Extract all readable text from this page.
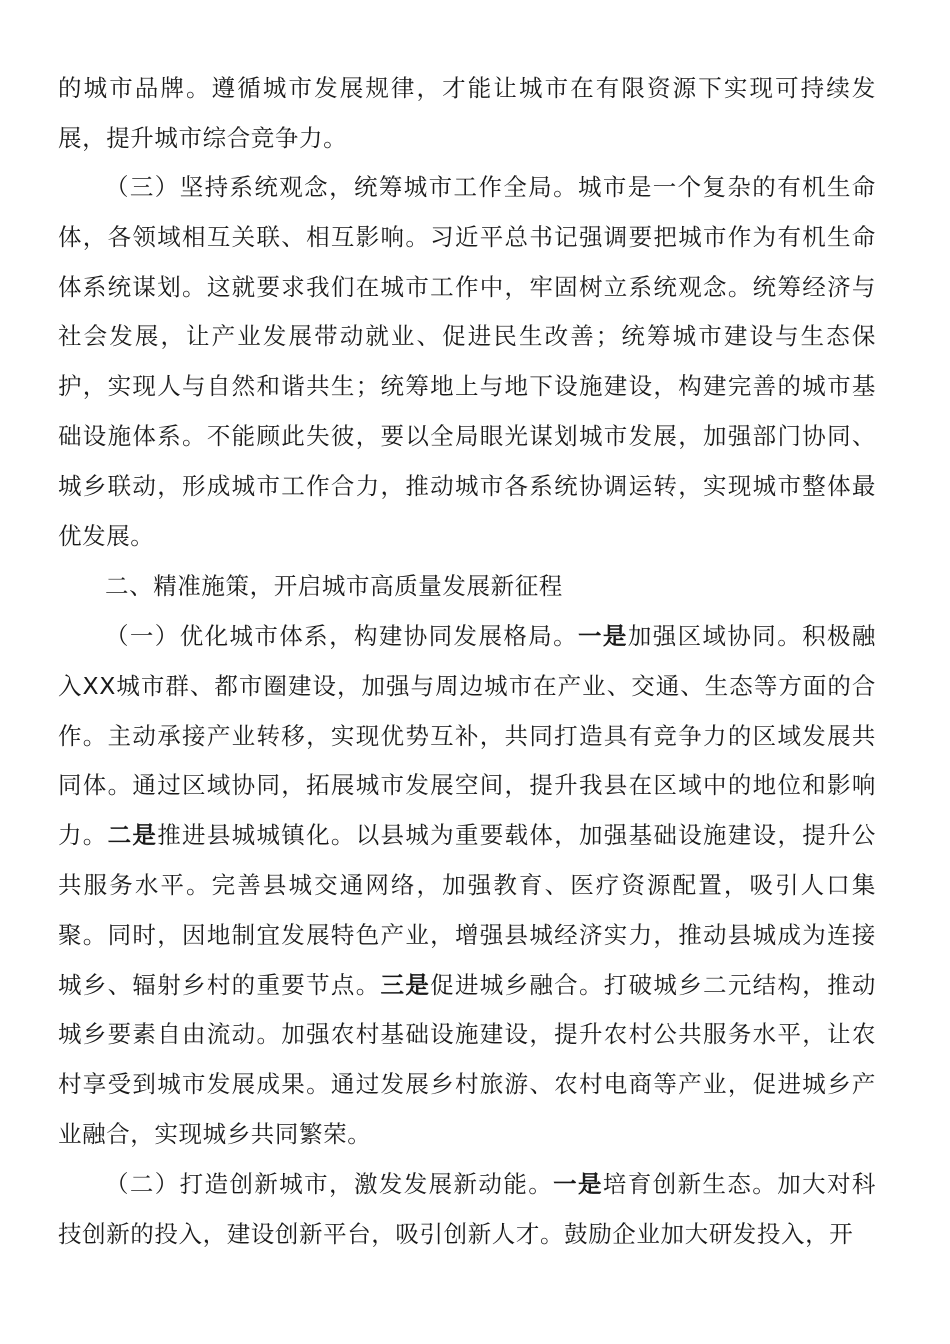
的城市品牌。遵循城市发展规律，才能让城市在有限资源下实现可持续发展，提升城市综合竞争力。

（三）坚持系统观念，统筹城市工作全局。城市是一个复杂的有机生命体，各领域相互关联、相互影响。习近平总书记强调要把城市作为有机生命体系统谋划。这就要求我们在城市工作中，牢固树立系统观念。统筹经济与社会发展，让产业发展带动就业、促进民生改善；统筹城市建设与生态保护，实现人与自然和谐共生；统筹地上与地下设施建设，构建完善的城市基础设施体系。不能顾此失彼，要以全局眼光谋划城市发展，加强部门协同、城乡联动，形成城市工作合力，推动城市各系统协调运转，实现城市整体最优发展。

二、精准施策，开启城市高质量发展新征程

（一）优化城市体系，构建协同发展格局。一是加强区域协同。积极融入XX城市群、都市圈建设，加强与周边城市在产业、交通、生态等方面的合作。主动承接产业转移，实现优势互补，共同打造具有竞争力的区域发展共同体。通过区域协同，拓展城市发展空间，提升我县在区域中的地位和影响力。二是推进县城城镇化。以县城为重要载体，加强基础设施建设，提升公共服务水平。完善县城交通网络，加强教育、医疗资源配置，吸引人口集聚。同时，因地制宜发展特色产业，增强县城经济实力，推动县城成为连接城乡、辐射乡村的重要节点。三是促进城乡融合。打破城乡二元结构，推动城乡要素自由流动。加强农村基础设施建设，提升农村公共服务水平，让农村享受到城市发展成果。通过发展乡村旅游、农村电商等产业，促进城乡产业融合，实现城乡共同繁荣。

（二）打造创新城市，激发发展新动能。一是培育创新生态。加大对科技创新的投入，建设创新平台，吸引创新人才。鼓励企业加大研发投入，开
